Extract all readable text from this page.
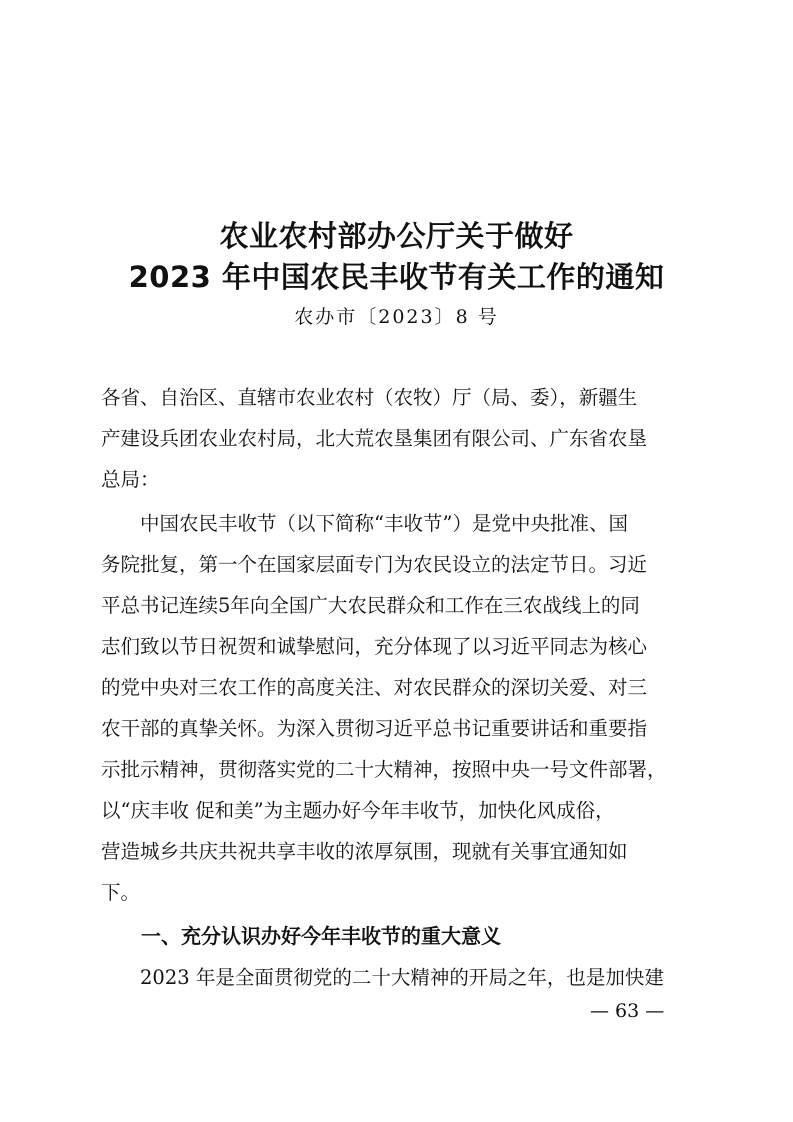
农业农村部办公厅关于做好
2023 年中国农民丰收节有关工作的通知
农办市〔2023〕8 号
各省、自治区、直辖市农业农村（农牧）厅（局、委），新疆生
产建设兵团农业农村局，北大荒农垦集团有限公司、广东省农垦
总局：
　　中国农民丰收节（以下简称“丰收节”）是党中央批准、国
务院批复，第一个在国家层面专门为农民设立的法定节日。习近
平总书记连续5年向全国广大农民群众和工作在三农战线上的同
志们致以节日祝贺和诚挚慰问，充分体现了以习近平同志为核心
的党中央对三农工作的高度关注、对农民群众的深切关爱、对三
农干部的真挚关怀。为深入贯彻习近平总书记重要讲话和重要指
示批示精神，贯彻落实党的二十大精神，按照中央一号文件部署，
以“庆丰收 促和美”为主题办好今年丰收节，加快化风成俗，
营造城乡共庆共祝共享丰收的浓厚氛围，现就有关事宜通知如
下。
一、充分认识办好今年丰收节的重大意义
　　2023 年是全面贯彻党的二十大精神的开局之年，也是加快建
— 63 —
